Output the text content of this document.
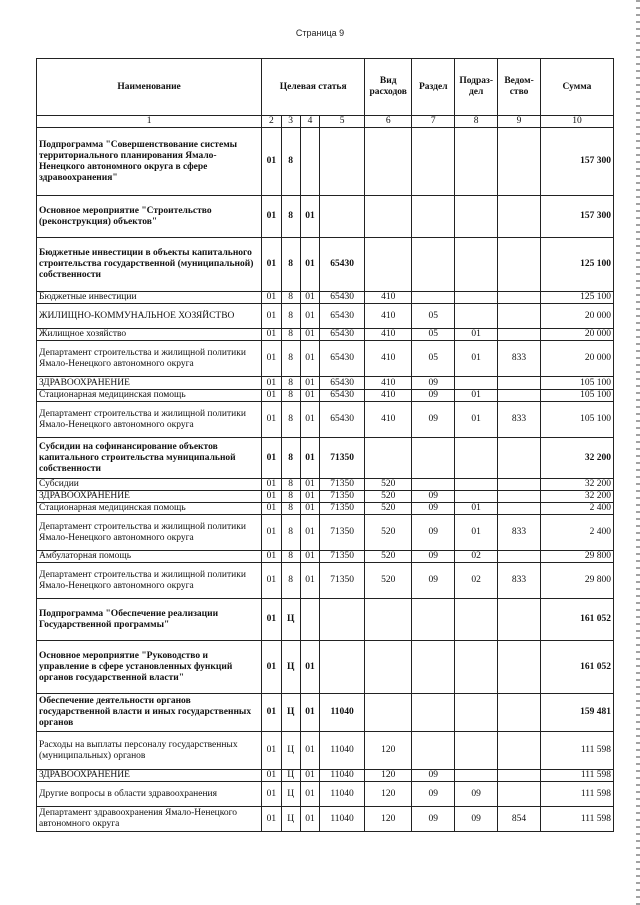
Страница 9
Наименование	Целевая статья				Вид расходов	Раздел	Подраз- дел	Ведом- ство	Сумма
1	2	3	4	5	6	7	8	9	10
Подпрограмма "Совершенствование системы территориального планирования Ямало-Ненецкого автономного округа в сфере здравоохранения"	01	8							157 300
Основное мероприятие "Строительство (реконструкция) объектов"	01	8	01						157 300
Бюджетные инвестиции в объекты капитального строительства государственной (муниципальной) собственности	01	8	01	65430					125 100
Бюджетные инвестиции	01	8	01	65430	410				125 100
ЖИЛИЩНО-КОММУНАЛЬНОЕ ХОЗЯЙСТВО	01	8	01	65430	410	05			20 000
Жилищное хозяйство	01	8	01	65430	410	05	01		20 000
Департамент строительства и жилищной политики Ямало-Ненецкого автономного округа	01	8	01	65430	410	05	01	833	20 000
ЗДРАВООХРАНЕНИЕ	01	8	01	65430	410	09			105 100
Стационарная медицинская помощь	01	8	01	65430	410	09	01		105 100
Департамент строительства и жилищной политики Ямало-Ненецкого автономного округа	01	8	01	65430	410	09	01	833	105 100
Субсидии на софинансирование объектов капитального строительства муниципальной собственности	01	8	01	71350					32 200
Субсидии	01	8	01	71350	520				32 200
ЗДРАВООХРАНЕНИЕ	01	8	01	71350	520	09			32 200
Стационарная медицинская помощь	01	8	01	71350	520	09	01		2 400
Департамент строительства и жилищной политики Ямало-Ненецкого автономного округа	01	8	01	71350	520	09	01	833	2 400
Амбулаторная помощь	01	8	01	71350	520	09	02		29 800
Департамент строительства и жилищной политики Ямало-Ненецкого автономного округа	01	8	01	71350	520	09	02	833	29 800
Подпрограмма "Обеспечение реализации Государственной программы"	01	Ц							161 052
Основное мероприятие "Руководство и управление в сфере установленных функций органов государственной власти"	01	Ц	01						161 052
Обеспечение деятельности органов государственной власти и иных государственных органов	01	Ц	01	11040					159 481
Расходы на выплаты персоналу государственных (муниципальных) органов	01	Ц	01	11040	120				111 598
ЗДРАВООХРАНЕНИЕ	01	Ц	01	11040	120	09			111 598
Другие вопросы в области здравоохранения	01	Ц	01	11040	120	09	09		111 598
Департамент здравоохранения Ямало-Ненецкого автономного округа	01	Ц	01	11040	120	09	09	854	111 598
